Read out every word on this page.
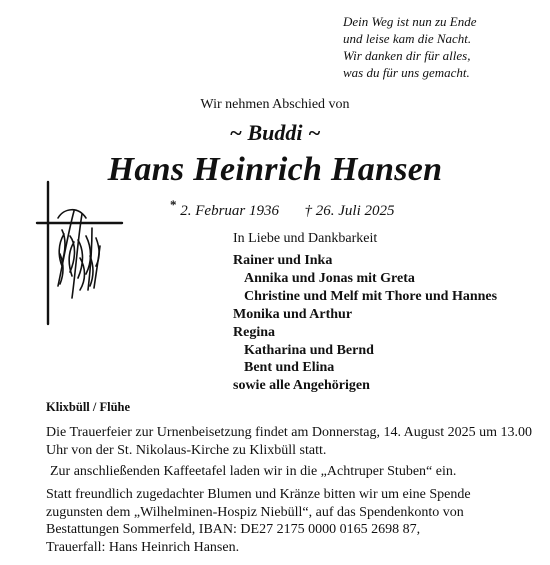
Dein Weg ist nun zu Ende
und leise kam die Nacht.
Wir danken dir für alles,
was du für uns gemacht.
Wir nehmen Abschied von
~ Buddi ~
Hans Heinrich Hansen
* 2. Februar 1936 † 26. Juli 2025
In Liebe und Dankbarkeit
Rainer und Inka
Annika und Jonas mit Greta
Christine und Melf mit Thore und Hannes
Monika und Arthur
Regina
Katharina und Bernd
Bent und Elina
sowie alle Angehörigen
Klixbüll / Flühe
Die Trauerfeier zur Urnenbeisetzung findet am Donnerstag, 14. August 2025 um 13.00 Uhr von der St. Nikolaus-Kirche zu Klixbüll statt.
Zur anschließenden Kaffeetafel laden wir in die „Achtruper Stuben“ ein.
Statt freundlich zugedachter Blumen und Kränze bitten wir um eine Spende
zugunsten dem „Wilhelminen-Hospiz Niebüll“, auf das Spendenkonto von
Bestattungen Sommerfeld, IBAN: DE27 2175 0000 0165 2698 87,
Trauerfall: Hans Heinrich Hansen.
